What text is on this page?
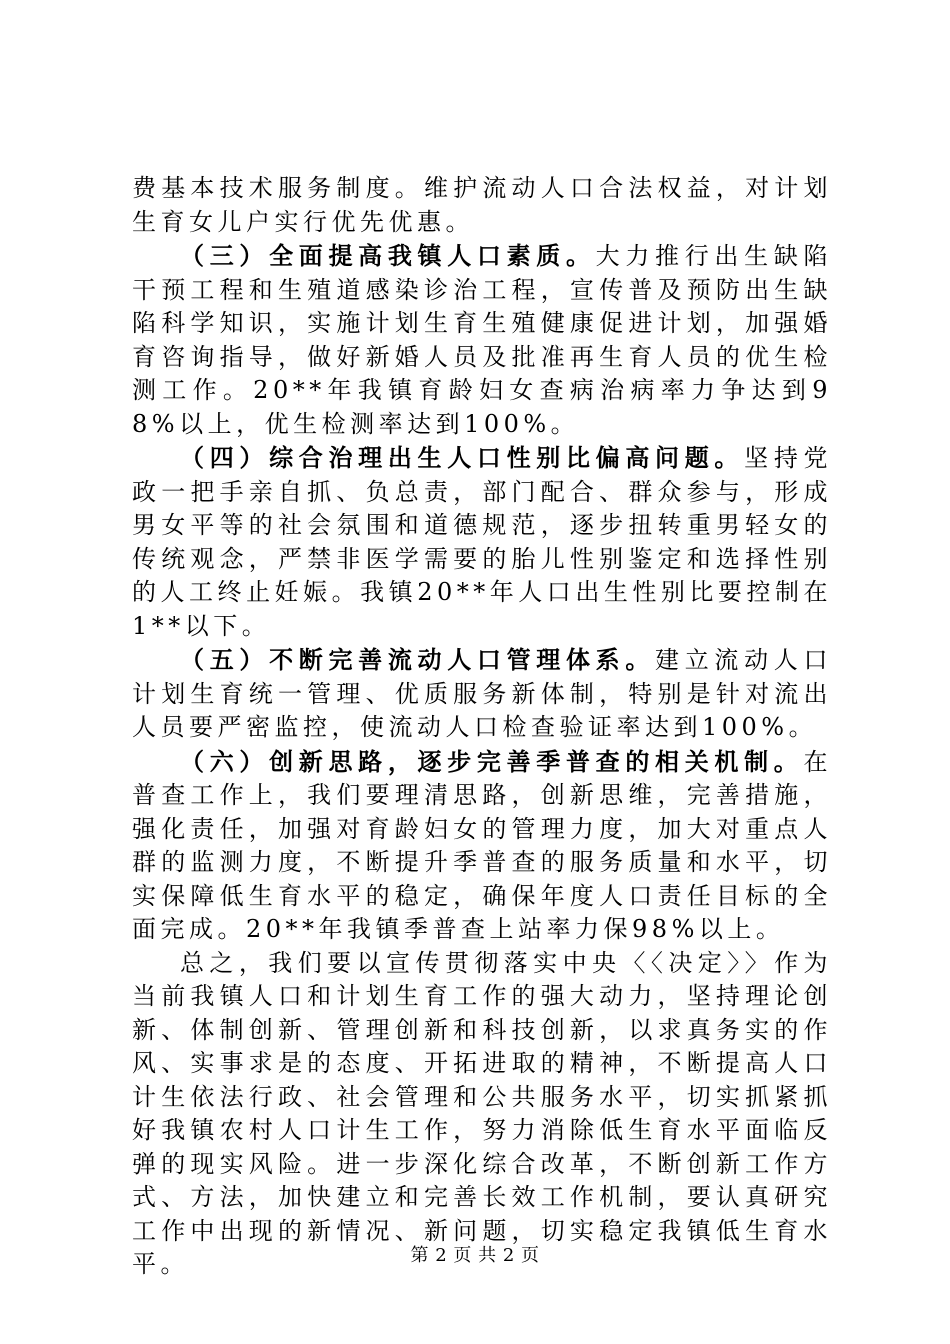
费基本技术服务制度。维护流动人口合法权益，对计划生育女儿户实行优先优惠。

（三）全面提高我镇人口素质。大力推行出生缺陷干预工程和生殖道感染诊治工程，宣传普及预防出生缺陷科学知识，实施计划生育生殖健康促进计划，加强婚育咨询指导，做好新婚人员及批准再生育人员的优生检测工作。20**年我镇育龄妇女查病治病率力争达到98%以上，优生检测率达到100%。

（四）综合治理出生人口性别比偏高问题。坚持党政一把手亲自抓、负总责，部门配合、群众参与，形成男女平等的社会氛围和道德规范，逐步扭转重男轻女的传统观念，严禁非医学需要的胎儿性别鉴定和选择性别的人工终止妊娠。我镇20**年人口出生性别比要控制在1**以下。

（五）不断完善流动人口管理体系。建立流动人口计划生育统一管理、优质服务新体制，特别是针对流出人员要严密监控，使流动人口检查验证率达到100%。

（六）创新思路，逐步完善季普查的相关机制。在普查工作上，我们要理清思路，创新思维，完善措施，强化责任，加强对育龄妇女的管理力度，加大对重点人群的监测力度，不断提升季普查的服务质量和水平，切实保障低生育水平的稳定，确保年度人口责任目标的全面完成。20**年我镇季普查上站率力保98%以上。

总之，我们要以宣传贯彻落实中央〈〈决定〉〉作为当前我镇人口和计划生育工作的强大动力，坚持理论创新、体制创新、管理创新和科技创新，以求真务实的作风、实事求是的态度、开拓进取的精神，不断提高人口计生依法行政、社会管理和公共服务水平，切实抓紧抓好我镇农村人口计生工作，努力消除低生育水平面临反弹的现实风险。进一步深化综合改革，不断创新工作方式、方法，加快建立和完善长效工作机制，要认真研究工作中出现的新情况、新问题，切实稳定我镇低生育水平。	第 2 页 共 2 页
